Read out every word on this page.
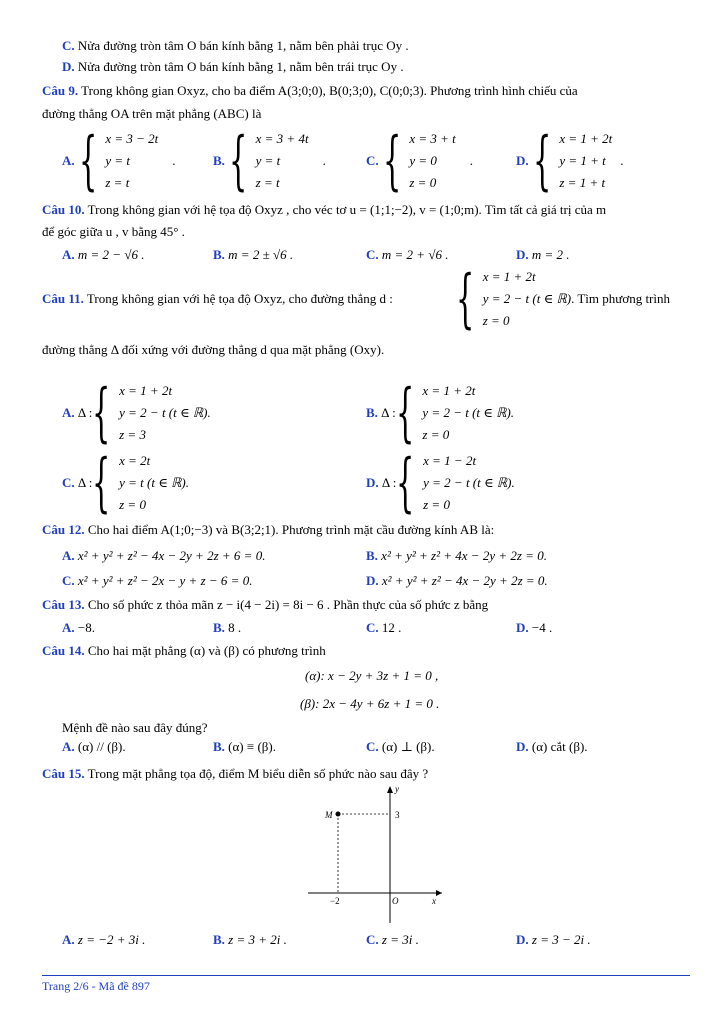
C. Nửa đường tròn tâm O bán kính bằng 1, nằm bên phải trục Oy .
D. Nửa đường tròn tâm O bán kính bằng 1, nằm bên trái trục Oy .
Câu 9. Trong không gian Oxyz, cho ba điểm A(3;0;0), B(0;3;0), C(0;0;3). Phương trình hình chiếu của
đường thẳng OA trên mặt phẳng (ABC) là
A. { x = 3 − 2t
y = t
z = t
.	B. { x = 3 + 4t
y = t
z = t
.	C. { x = 3 + t
y = 0
z = 0
.	D. { x = 1 + 2t
y = 1 + t
z = 1 + t
.
Câu 10. Trong không gian với hệ tọa độ Oxyz , cho véc tơ u = (1;1;−2), v = (1;0;m). Tìm tất cả giá trị của m
để góc giữa u , v bằng 45° .
A. m = 2 − √6 .	B. m = 2 ± √6 .	C. m = 2 + √6 .	D. m = 2 .
Câu 11. Trong không gian với hệ tọa độ Oxyz, cho đường thẳng d : { x = 1 + 2t
y = 2 − t (t ∈ ℝ)
z = 0
. Tìm phương trình
đường thẳng Δ đối xứng với đường thẳng d qua mặt phẳng (Oxy).
A.
Δ : { x = 1 + 2t
y = 2 − t (t ∈ ℝ).
z = 3
B.
Δ : { x = 1 + 2t
y = 2 − t (t ∈ ℝ).
z = 0
C.
Δ : { x = 2t
y = t (t ∈ ℝ).
z = 0
D.
Δ : { x = 1 − 2t
y = 2 − t (t ∈ ℝ).
z = 0
Câu 12. Cho hai điểm A(1;0;−3) và B(3;2;1). Phương trình mặt cầu đường kính AB là:
A. x² + y² + z² − 4x − 2y + 2z + 6 = 0.	B. x² + y² + z² + 4x − 2y + 2z = 0.
C. x² + y² + z² − 2x − y + z − 6 = 0.	D. x² + y² + z² − 4x − 2y + 2z = 0.
Câu 13. Cho số phức z thỏa mãn z − i(4 − 2i) = 8i − 6 . Phần thực của số phức z bằng
A. −8.	B. 8 .	C. 12 .	D. −4 .
Câu 14. Cho hai mặt phẳng (α) và (β) có phương trình
(α): x − 2y + 3z + 1 = 0 ,
(β): 2x − 4y + 6z + 1 = 0 .
Mệnh đề nào sau đây đúng?
A. (α) // (β).	B. (α) ≡ (β).	C. (α) ⊥ (β).	D. (α) cắt (β).
Câu 15. Trong mặt phẳng tọa độ, điểm M biểu diễn số phức nào sau đây ?
M	3
−2	O	x
y
A. z = −2 + 3i .	B. z = 3 + 2i .	C. z = 3i .	D. z = 3 − 2i .
Trang 2/6 - Mã đề 897
